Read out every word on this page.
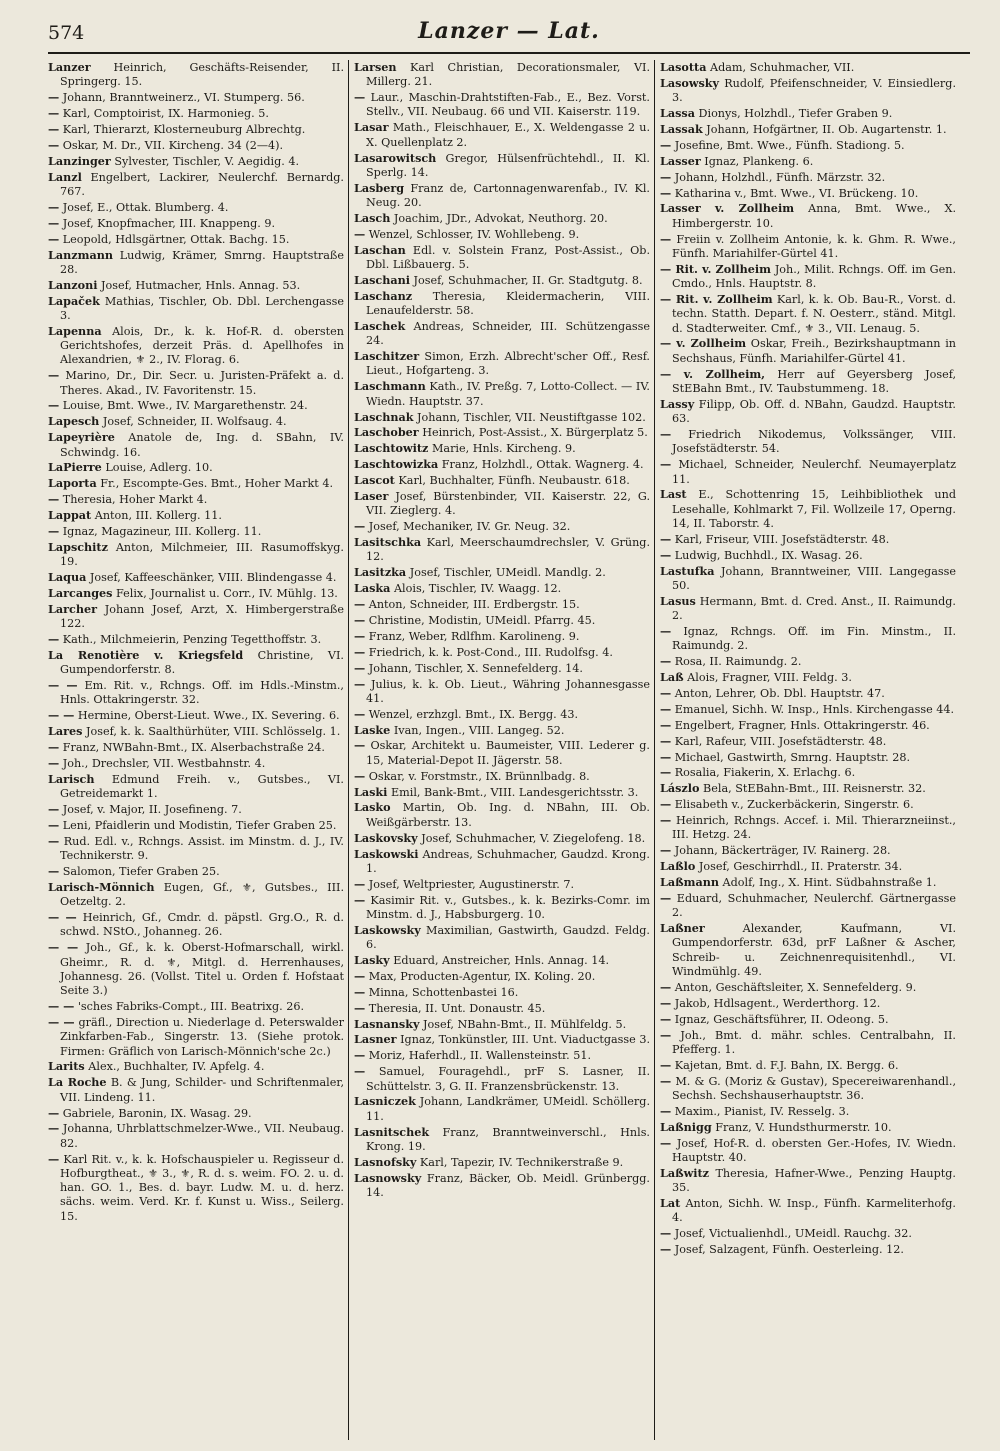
574	Lanzer — Lat.

Lanzer Heinrich, Geschäfts-Reisender, II. Springerg. 15.

— Johann, Branntweinerz., VI. Stumperg. 56.

— Karl, Comptoirist, IX. Harmonieg. 5.

— Karl, Thierarzt, Klosterneuburg Albrechtg.

— Oskar, M. Dr., VII. Kircheng. 34 (2—4).

Lanzinger Sylvester, Tischler, V. Aegidig. 4.

Lanzl Engelbert, Lackirer, Neulerchf. Bernardg. 767.

— Josef, E., Ottak. Blumberg. 4.

— Josef, Knopfmacher, III. Knappeng. 9.

— Leopold, Hdlsgärtner, Ottak. Bachg. 15.

Lanzmann Ludwig, Krämer, Smrng. Hauptstraße 28.

Lanzoni Josef, Hutmacher, Hnls. Annag. 53.

Lapaček Mathias, Tischler, Ob. Dbl. Lerchengasse 3.

Lapenna Alois, Dr., k. k. Hof-R. d. obersten Gerichtshofes, derzeit Präs. d. Apellhofes in Alexandrien, ⚜ 2., IV. Florag. 6.

— Marino, Dr., Dir. Secr. u. Juristen-Präfekt a. d. Theres. Akad., IV. Favoritenstr. 15.

— Louise, Bmt. Wwe., IV. Margarethenstr. 24.

Lapesch Josef, Schneider, II. Wolfsaug. 4.

Lapeyrière Anatole de, Ing. d. SBahn, IV. Schwindg. 16.

LaPierre Louise, Adlerg. 10.

Laporta Fr., Escompte-Ges. Bmt., Hoher Markt 4.

— Theresia, Hoher Markt 4.

Lappat Anton, III. Kollerg. 11.

— Ignaz, Magazineur, III. Kollerg. 11.

Lapschitz Anton, Milchmeier, III. Rasumoffskyg. 19.

Laqua Josef, Kaffeeschänker, VIII. Blindengasse 4.

Larcanges Felix, Journalist u. Corr., IV. Mühlg. 13.

Larcher Johann Josef, Arzt, X. Himbergerstraße 122.

— Kath., Milchmeierin, Penzing Tegetthoffstr. 3.

La Renotière v. Kriegsfeld Christine, VI. Gumpendorferstr. 8.

— — Em. Rit. v., Rchngs. Off. im Hdls.-Minstm., Hnls. Ottakringerstr. 32.

— — Hermine, Oberst-Lieut. Wwe., IX. Severing. 6.

Lares Josef, k. k. Saalthürhüter, VIII. Schlösselg. 1.

— Franz, NWBahn-Bmt., IX. Alserbachstraße 24.

— Joh., Drechsler, VII. Westbahnstr. 4.

Larisch Edmund Freih. v., Gutsbes., VI. Getreidemarkt 1.

— Josef, v. Major, II. Josefineng. 7.

— Leni, Pfaidlerin und Modistin, Tiefer Graben 25.

— Rud. Edl. v., Rchngs. Assist. im Minstm. d. J., IV. Technikerstr. 9.

— Salomon, Tiefer Graben 25.

Larisch-Mönnich Eugen, Gf., ⚜, Gutsbes., III. Oetzeltg. 2.

— — Heinrich, Gf., Cmdr. d. päpstl. Grg.O., R. d. schwd. NStO., Johanneg. 26.

— — Joh., Gf., k. k. Oberst-Hofmarschall, wirkl. Gheimr., R. d. ⚜, Mitgl. d. Herrenhauses, Johannesg. 26. (Vollst. Titel u. Orden f. Hofstaat Seite 3.)

— — 'sches Fabriks-Compt., III. Beatrixg. 26.

— — gräfl., Direction u. Niederlage d. Peterswalder Zinkfarben-Fab., Singerstr. 13. (Siehe protok. Firmen: Gräflich von Larisch-Mönnich'sche 2c.)

Larits Alex., Buchhalter, IV. Apfelg. 4.

La Roche B. & Jung, Schilder- und Schriftenmaler, VII. Lindeng. 11.

— Gabriele, Baronin, IX. Wasag. 29.

— Johanna, Uhrblattschmelzer-Wwe., VII. Neubaug. 82.

— Karl Rit. v., k. k. Hofschauspieler u. Regisseur d. Hofburgtheat., ⚜ 3., ⚜, R. d. s. weim. FO. 2. u. d. han. GO. 1., Bes. d. bayr. Ludw. M. u. d. herz. sächs. weim. Verd. Kr. f. Kunst u. Wiss., Seilerg. 15.

Larsen Karl Christian, Decorationsmaler, VI. Millerg. 21.

— Laur., Maschin-Drahtstiften-Fab., E., Bez. Vorst. Stellv., VII. Neubaug. 66 und VII. Kaiserstr. 119.

Lasar Math., Fleischhauer, E., X. Weldengasse 2 u. X. Quellenplatz 2.

Lasarowitsch Gregor, Hülsenfrüchtehdl., II. Kl. Sperlg. 14.

Lasberg Franz de, Cartonnagenwarenfab., IV. Kl. Neug. 20.

Lasch Joachim, JDr., Advokat, Neuthorg. 20.

— Wenzel, Schlosser, IV. Wohllebeng. 9.

Laschan Edl. v. Solstein Franz, Post-Assist., Ob. Dbl. Lißbauerg. 5.

Laschani Josef, Schuhmacher, II. Gr. Stadtgutg. 8.

Laschanz Theresia, Kleidermacherin, VIII. Lenaufelderstr. 58.

Laschek Andreas, Schneider, III. Schützengasse 24.

Laschitzer Simon, Erzh. Albrecht'scher Off., Resf. Lieut., Hofgarteng. 3.

Laschmann Kath., IV. Preßg. 7, Lotto-Collect. — IV. Wiedn. Hauptstr. 37.

Laschnak Johann, Tischler, VII. Neustiftgasse 102.

Laschober Heinrich, Post-Assist., X. Bürgerplatz 5.

Laschtowitz Marie, Hnls. Kircheng. 9.

Laschtowizka Franz, Holzhdl., Ottak. Wagnerg. 4.

Lascot Karl, Buchhalter, Fünfh. Neubaustr. 618.

Laser Josef, Bürstenbinder, VII. Kaiserstr. 22, G. VII. Zieglerg. 4.

— Josef, Mechaniker, IV. Gr. Neug. 32.

Lasitschka Karl, Meerschaumdrechsler, V. Grüng. 12.

Lasitzka Josef, Tischler, UMeidl. Mandlg. 2.

Laska Alois, Tischler, IV. Waagg. 12.

— Anton, Schneider, III. Erdbergstr. 15.

— Christine, Modistin, UMeidl. Pfarrg. 45.

— Franz, Weber, Rdlfhm. Karolineng. 9.

— Friedrich, k. k. Post-Cond., III. Rudolfsg. 4.

— Johann, Tischler, X. Sennefelderg. 14.

— Julius, k. k. Ob. Lieut., Währing Johannesgasse 41.

— Wenzel, erzhzgl. Bmt., IX. Bergg. 43.

Laske Ivan, Ingen., VIII. Langeg. 52.

— Oskar, Architekt u. Baumeister, VIII. Lederer g. 15, Material-Depot II. Jägerstr. 58.

— Oskar, v. Forstmstr., IX. Brünnlbadg. 8.

Laski Emil, Bank-Bmt., VIII. Landesgerichtsstr. 3.

Lasko Martin, Ob. Ing. d. NBahn, III. Ob. Weißgärberstr. 13.

Laskovsky Josef, Schuhmacher, V. Ziegelofeng. 18.

Laskowski Andreas, Schuhmacher, Gaudzd. Krong. 1.

— Josef, Weltpriester, Augustinerstr. 7.

— Kasimir Rit. v., Gutsbes., k. k. Bezirks-Comr. im Minstm. d. J., Habsburgerg. 10.

Laskowsky Maximilian, Gastwirth, Gaudzd. Feldg. 6.

Lasky Eduard, Anstreicher, Hnls. Annag. 14.

— Max, Producten-Agentur, IX. Koling. 20.

— Minna, Schottenbastei 16.

— Theresia, II. Unt. Donaustr. 45.

Lasnansky Josef, NBahn-Bmt., II. Mühlfeldg. 5.

Lasner Ignaz, Tonkünstler, III. Unt. Viaductgasse 3.

— Moriz, Haferhdl., II. Wallensteinstr. 51.

— Samuel, Fouragehdl., prF S. Lasner, II. Schüttelstr. 3, G. II. Franzensbrückenstr. 13.

Lasniczek Johann, Landkrämer, UMeidl. Schöllerg. 11.

Lasnitschek Franz, Branntweinverschl., Hnls. Krong. 19.

Lasnofsky Karl, Tapezir, IV. Technikerstraße 9.

Lasnowsky Franz, Bäcker, Ob. Meidl. Grünbergg. 14.

Lasotta Adam, Schuhmacher, VII.

Lasowsky Rudolf, Pfeifenschneider, V. Einsiedlerg. 3.

Lassa Dionys, Holzhdl., Tiefer Graben 9.

Lassak Johann, Hofgärtner, II. Ob. Augartenstr. 1.

— Josefine, Bmt. Wwe., Fünfh. Stadiong. 5.

Lasser Ignaz, Plankeng. 6.

— Johann, Holzhdl., Fünfh. Märzstr. 32.

— Katharina v., Bmt. Wwe., VI. Brückeng. 10.

Lasser v. Zollheim Anna, Bmt. Wwe., X. Himbergerstr. 10.

— Freiin v. Zollheim Antonie, k. k. Ghm. R. Wwe., Fünfh. Mariahilfer-Gürtel 41.

— Rit. v. Zollheim Joh., Milit. Rchngs. Off. im Gen. Cmdo., Hnls. Hauptstr. 8.

— Rit. v. Zollheim Karl, k. k. Ob. Bau-R., Vorst. d. techn. Statth. Depart. f. N. Oesterr., ständ. Mitgl. d. Stadterweiter. Cmf., ⚜ 3., VII. Lenaug. 5.

— v. Zollheim Oskar, Freih., Bezirkshauptmann in Sechshaus, Fünfh. Mariahilfer-Gürtel 41.

— v. Zollheim, Herr auf Geyersberg Josef, StEBahn Bmt., IV. Taubstummeng. 18.

Lassy Filipp, Ob. Off. d. NBahn, Gaudzd. Hauptstr. 63.

— Friedrich Nikodemus, Volkssänger, VIII. Josefstädterstr. 54.

— Michael, Schneider, Neulerchf. Neumayerplatz 11.

Last E., Schottenring 15, Leihbibliothek und Lesehalle, Kohlmarkt 7, Fil. Wollzeile 17, Operng. 14, II. Taborstr. 4.

— Karl, Friseur, VIII. Josefstädterstr. 48.

— Ludwig, Buchhdl., IX. Wasag. 26.

Lastufka Johann, Branntweiner, VIII. Langegasse 50.

Lasus Hermann, Bmt. d. Cred. Anst., II. Raimundg. 2.

— Ignaz, Rchngs. Off. im Fin. Minstm., II. Raimundg. 2.

— Rosa, II. Raimundg. 2.

Laß Alois, Fragner, VIII. Feldg. 3.

— Anton, Lehrer, Ob. Dbl. Hauptstr. 47.

— Emanuel, Sichh. W. Insp., Hnls. Kirchengasse 44.

— Engelbert, Fragner, Hnls. Ottakringerstr. 46.

— Karl, Rafeur, VIII. Josefstädterstr. 48.

— Michael, Gastwirth, Smrng. Hauptstr. 28.

— Rosalia, Fiakerin, X. Erlachg. 6.

Lászlo Bela, StEBahn-Bmt., III. Reisnerstr. 32.

— Elisabeth v., Zuckerbäckerin, Singerstr. 6.

— Heinrich, Rchngs. Accef. i. Mil. Thierarzneiinst., III. Hetzg. 24.

— Johann, Bäckerträger, IV. Rainerg. 28.

Laßlo Josef, Geschirrhdl., II. Praterstr. 34.

Laßmann Adolf, Ing., X. Hint. Südbahnstraße 1.

— Eduard, Schuhmacher, Neulerchf. Gärtnergasse 2.

Laßner Alexander, Kaufmann, VI. Gumpendorferstr. 63d, prF Laßner & Ascher, Schreib- u. Zeichnenrequisitenhdl., VI. Windmühlg. 49.

— Anton, Geschäftsleiter, X. Sennefelderg. 9.

— Jakob, Hdlsagent., Werderthorg. 12.

— Ignaz, Geschäftsführer, II. Odeong. 5.

— Joh., Bmt. d. mähr. schles. Centralbahn, II. Pfefferg. 1.

— Kajetan, Bmt. d. F.J. Bahn, IX. Bergg. 6.

— M. & G. (Moriz & Gustav), Specereiwarenhandl., Sechsh. Sechshauserhauptstr. 36.

— Maxim., Pianist, IV. Resselg. 3.

Laßnigg Franz, V. Hundsthurmerstr. 10.

— Josef, Hof-R. d. obersten Ger.-Hofes, IV. Wiedn. Hauptstr. 40.

Laßwitz Theresia, Hafner-Wwe., Penzing Hauptg. 35.

Lat Anton, Sichh. W. Insp., Fünfh. Karmeliterhofg. 4.

— Josef, Victualienhdl., UMeidl. Rauchg. 32.

— Josef, Salzagent, Fünfh. Oesterleing. 12.
